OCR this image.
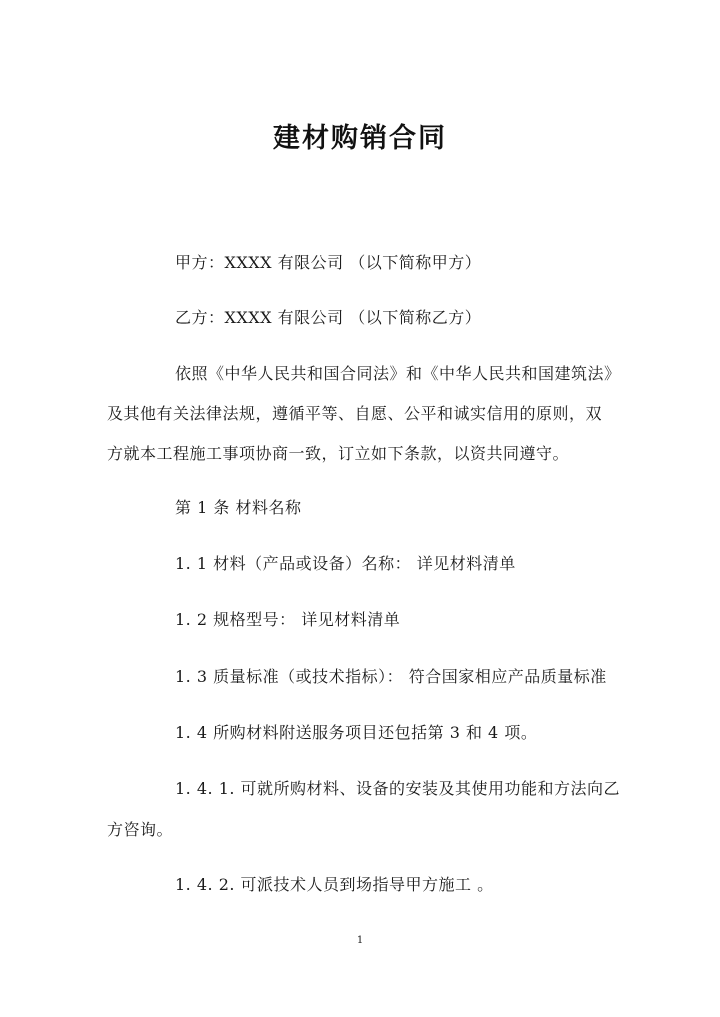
建材购销合同
甲方：XXXX 有限公司 （以下简称甲方）
乙方：XXXX 有限公司 （以下简称乙方）
依照《中华人民共和国合同法》和《中华人民共和国建筑法》
及其他有关法律法规，遵循平等、自愿、公平和诚实信用的原则，双
方就本工程施工事项协商一致，订立如下条款，以资共同遵守。
第 1 条 材料名称
1. 1 材料（产品或设备）名称： 详见材料清单
1. 2 规格型号： 详见材料清单
1. 3 质量标准（或技术指标）： 符合国家相应产品质量标准
1. 4 所购材料附送服务项目还包括第 3 和 4 项。
1. 4. 1. 可就所购材料、设备的安装及其使用功能和方法向乙
方咨询。
1. 4. 2. 可派技术人员到场指导甲方施工 。
1
